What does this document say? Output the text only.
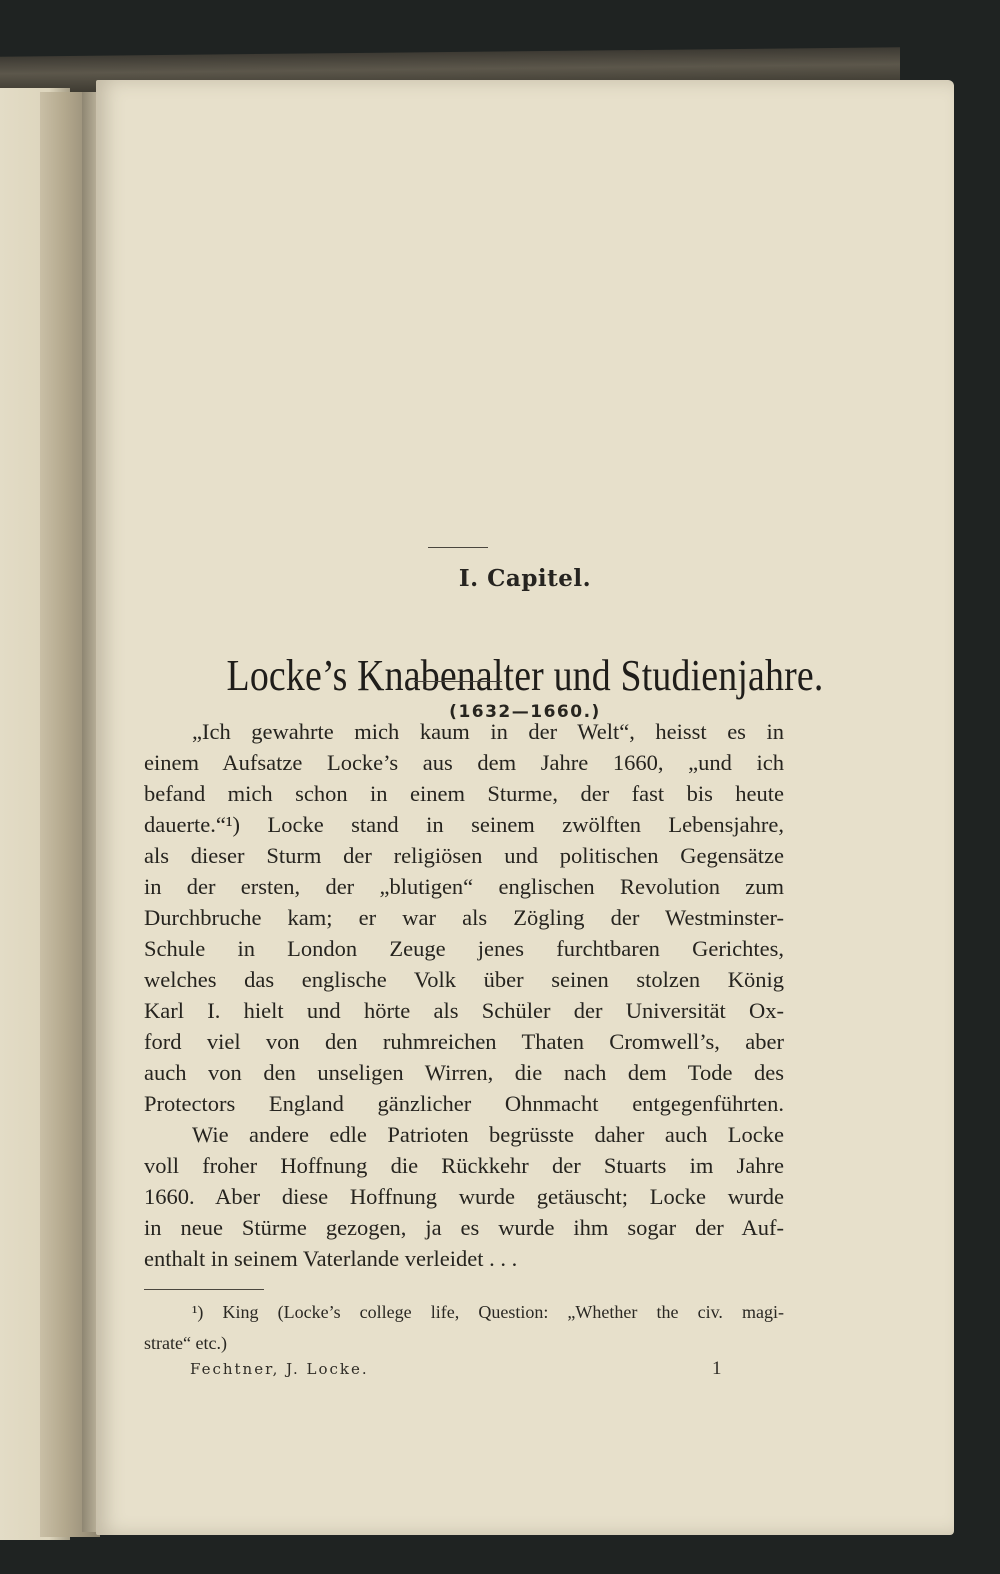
I. Capitel.
Locke’s Knabenalter und Studienjahre.
(1632—1660.)
„Ich gewahrte mich kaum in der Welt“, heisst es in
einem Aufsatze Locke’s aus dem Jahre 1660, „und ich
befand mich schon in einem Sturme, der fast bis heute
dauerte.“¹) Locke stand in seinem zwölften Lebensjahre,
als dieser Sturm der religiösen und politischen Gegensätze
in der ersten, der „blutigen“ englischen Revolution zum
Durchbruche kam; er war als Zögling der Westminster-
Schule in London Zeuge jenes furchtbaren Gerichtes,
welches das englische Volk über seinen stolzen König
Karl I. hielt und hörte als Schüler der Universität Ox-
ford viel von den ruhmreichen Thaten Cromwell’s, aber
auch von den unseligen Wirren, die nach dem Tode des
Protectors England gänzlicher Ohnmacht entgegenführten.
Wie andere edle Patrioten begrüsste daher auch Locke
voll froher Hoffnung die Rückkehr der Stuarts im Jahre
1660. Aber diese Hoffnung wurde getäuscht; Locke wurde
in neue Stürme gezogen, ja es wurde ihm sogar der Auf-
enthalt in seinem Vaterlande verleidet . . .
¹) King (Locke’s college life, Question: „Whether the civ. magi-
strate“ etc.)
Fechtner, J. Locke.	1
